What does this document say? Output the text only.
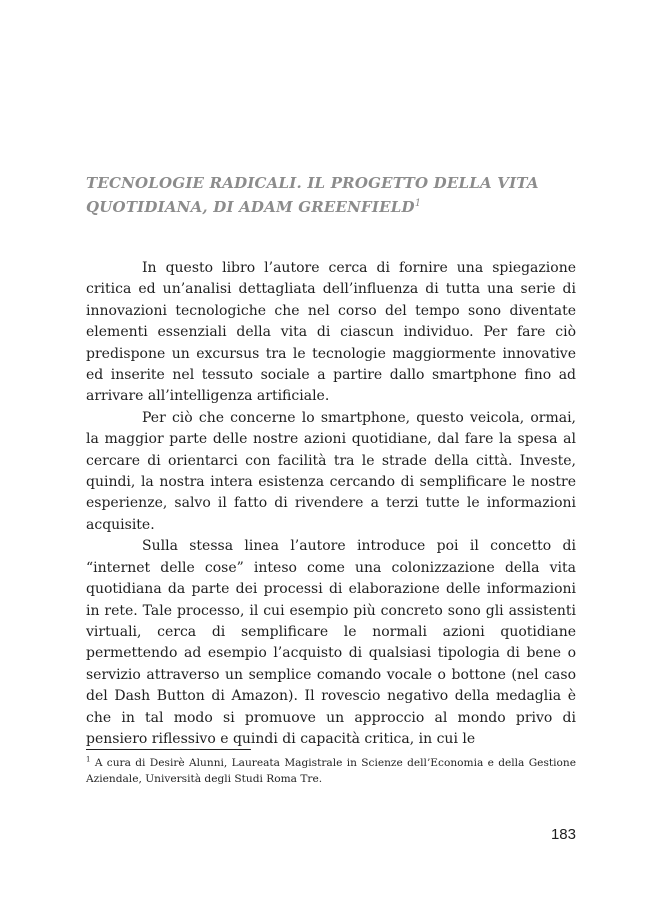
TECNOLOGIE RADICALI. IL PROGETTO DELLA VITA QUOTIDIANA, DI ADAM GREENFIELD$^1$

In questo libro l’autore cerca di fornire una spiegazione critica ed un’analisi dettagliata dell’influenza di tutta una serie di innovazioni tecnologiche che nel corso del tempo sono diventate elementi essenziali della vita di ciascun individuo. Per fare ciò predispone un excursus tra le tecnologie maggiormente innovative ed inserite nel tessuto sociale a partire dallo smartphone fino ad arrivare all’intelligenza artificiale.

Per ciò che concerne lo smartphone, questo veicola, ormai, la maggior parte delle nostre azioni quotidiane, dal fare la spesa al cercare di orientarci con facilità tra le strade della città. Investe, quindi, la nostra intera esistenza cercando di semplificare le nostre esperienze, salvo il fatto di rivendere a terzi tutte le informazioni acquisite.

Sulla stessa linea l’autore introduce poi il concetto di “internet delle cose” inteso come una colonizzazione della vita quotidiana da parte dei processi di elaborazione delle informazioni in rete. Tale processo, il cui esempio più concreto sono gli assistenti virtuali, cerca di semplificare le normali azioni quotidiane permettendo ad esempio l’acquisto di qualsiasi tipologia di bene o servizio attraverso un semplice comando vocale o bottone (nel caso del Dash Button di Amazon). Il rovescio negativo della medaglia è che in tal modo si promuove un approccio al mondo privo di pensiero riflessivo e quindi di capacità critica, in cui le

$^1$ A cura di Desirè Alunni, Laureata Magistrale in Scienze dell’Economia e della Gestione Aziendale, Università degli Studi Roma Tre.
183
